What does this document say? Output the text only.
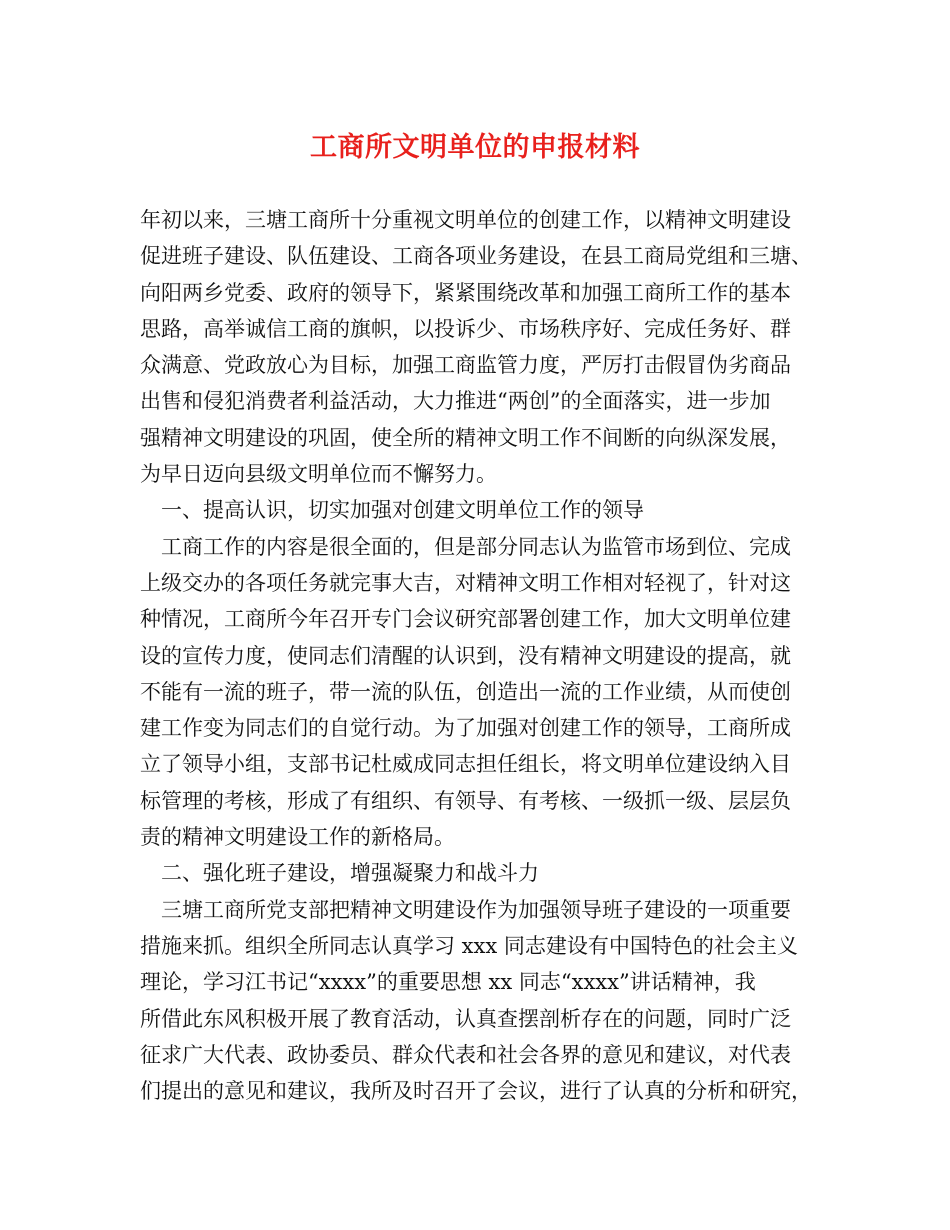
工商所文明单位的申报材料
年初以来，三塘工商所十分重视文明单位的创建工作，以精神文明建设
促进班子建设、队伍建设、工商各项业务建设，在县工商局党组和三塘、
向阳两乡党委、政府的领导下，紧紧围绕改革和加强工商所工作的基本
思路，高举诚信工商的旗帜，以投诉少、市场秩序好、完成任务好、群
众满意、党政放心为目标，加强工商监管力度，严厉打击假冒伪劣商品
出售和侵犯消费者利益活动，大力推进“两创”的全面落实，进一步加
强精神文明建设的巩固，使全所的精神文明工作不间断的向纵深发展，
为早日迈向县级文明单位而不懈努力。
一、提高认识，切实加强对创建文明单位工作的领导
工商工作的内容是很全面的，但是部分同志认为监管市场到位、完成
上级交办的各项任务就完事大吉，对精神文明工作相对轻视了，针对这
种情况，工商所今年召开专门会议研究部署创建工作，加大文明单位建
设的宣传力度，使同志们清醒的认识到，没有精神文明建设的提高，就
不能有一流的班子，带一流的队伍，创造出一流的工作业绩，从而使创
建工作变为同志们的自觉行动。为了加强对创建工作的领导，工商所成
立了领导小组，支部书记杜威成同志担任组长，将文明单位建设纳入目
标管理的考核，形成了有组织、有领导、有考核、一级抓一级、层层负
责的精神文明建设工作的新格局。
二、强化班子建设，增强凝聚力和战斗力
三塘工商所党支部把精神文明建设作为加强领导班子建设的一项重要
措施来抓。组织全所同志认真学习 xxx 同志建设有中国特色的社会主义
理论，学习江书记“xxxx”的重要思想 xx 同志“xxxx”讲话精神，我
所借此东风积极开展了教育活动，认真查摆剖析存在的问题，同时广泛
征求广大代表、政协委员、群众代表和社会各界的意见和建议，对代表
们提出的意见和建议，我所及时召开了会议，进行了认真的分析和研究，
